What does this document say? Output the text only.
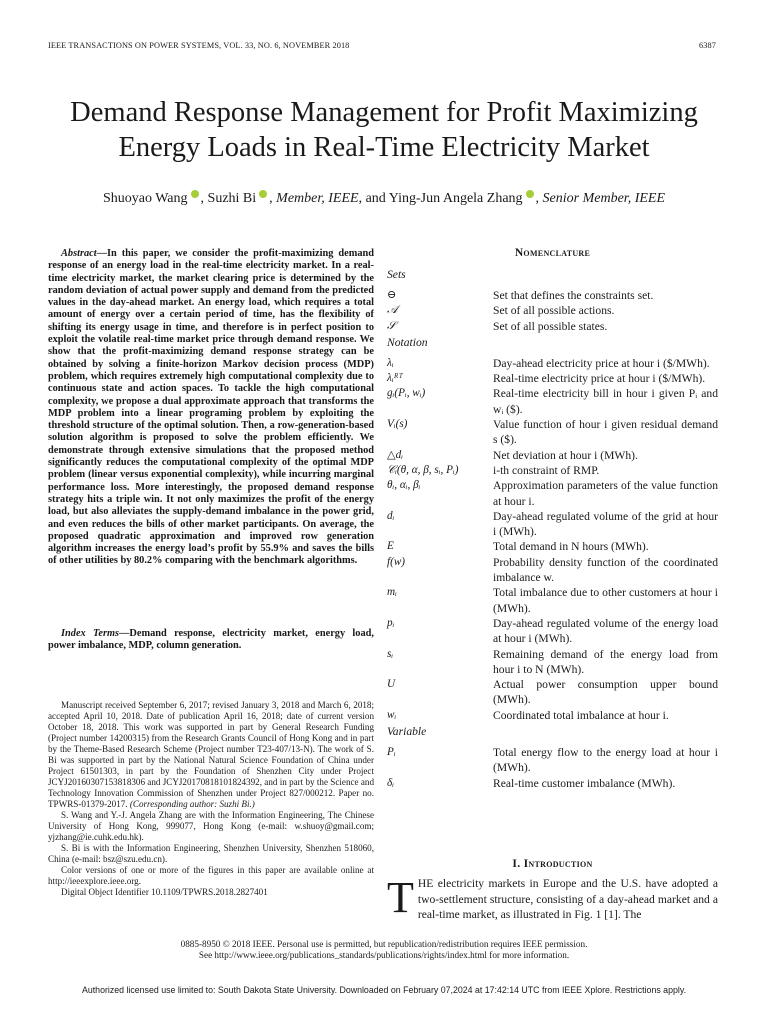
IEEE TRANSACTIONS ON POWER SYSTEMS, VOL. 33, NO. 6, NOVEMBER 2018	6387
Demand Response Management for Profit Maximizing Energy Loads in Real-Time Electricity Market
Shuoyao Wang , Suzhi Bi , Member, IEEE, and Ying-Jun Angela Zhang , Senior Member, IEEE

Abstract—In this paper, we consider the profit-maximizing demand response of an energy load in the real-time electricity market. In a real-time electricity market, the market clearing price is determined by the random deviation of actual power supply and demand from the predicted values in the day-ahead market. An energy load, which requires a total amount of energy over a certain period of time, has the flexibility of shifting its energy usage in time, and therefore is in perfect position to exploit the volatile real-time market price through demand response. We show that the profit-maximizing demand response strategy can be obtained by solving a finite-horizon Markov decision process (MDP) problem, which requires extremely high computational complexity due to continuous state and action spaces. To tackle the high computational complexity, we propose a dual approximate approach that transforms the MDP problem into a linear programing problem by exploiting the threshold structure of the optimal solution. Then, a row-generation-based solution algorithm is proposed to solve the problem efficiently. We demonstrate through extensive simulations that the proposed method significantly reduces the computational complexity of the optimal MDP problem (linear versus exponential complexity), while incurring marginal performance loss. More interestingly, the proposed demand response strategy hits a triple win. It not only maximizes the profit of the energy load, but also alleviates the supply-demand imbalance in the power grid, and even reduces the bills of other market participants. On average, the proposed quadratic approximation and improved row generation algorithm increases the energy load’s profit by 55.9% and saves the bills of other utilities by 80.2% comparing with the benchmark algorithms.

Index Terms—Demand response, electricity market, energy load, power imbalance, MDP, column generation.

Manuscript received September 6, 2017; revised January 3, 2018 and March 6, 2018; accepted April 10, 2018. Date of publication April 16, 2018; date of current version October 18, 2018. This work was supported in part by General Research Funding (Project number 14200315) from the Research Grants Council of Hong Kong and in part by the Theme-Based Research Scheme (Project number T23-407/13-N). The work of S. Bi was supported in part by the National Natural Science Foundation of China under Project 61501303, in part by the Foundation of Shenzhen City under Project JCYJ20160307153818306 and JCYJ20170818101824392, and in part by the Science and Technology Innovation Commission of Shenzhen under Project 827/000212. Paper no. TPWRS-01379-2017. (Corresponding author: Suzhi Bi.)

S. Wang and Y.-J. Angela Zhang are with the Information Engineering, The Chinese University of Hong Kong, 999077, Hong Kong (e-mail: w.shuoy@gmail.com; yjzhang@ie.cuhk.edu.hk).

S. Bi is with the Information Engineering, Shenzhen University, Shenzhen 518060, China (e-mail: bsz@szu.edu.cn).

Color versions of one or more of the figures in this paper are available online at http://ieeexplore.ieee.org.

Digital Object Identifier 10.1109/TPWRS.2018.2827401

Nomenclature

Sets

⊖	Set that defines the constraints set.
𝒜	Set of all possible actions.
𝒮	Set of all possible states.

Notation

λᵢ	Day-ahead electricity price at hour i ($/MWh).
λᵢᴿᵀ	Real-time electricity price at hour i ($/MWh).
gᵢ(Pᵢ, wᵢ)	Real-time electricity bill in hour i given Pᵢ and wᵢ ($).
Vᵢ(s)	Value function of hour i given residual demand s ($).
△dᵢ	Net deviation at hour i (MWh).
𝒞ᵢ(θ, α, β, sᵢ, Pᵢ)	i-th constraint of RMP.
θᵢ, αᵢ, βᵢ	Approximation parameters of the value function at hour i.
dᵢ	Day-ahead regulated volume of the grid at hour i (MWh).
E	Total demand in N hours (MWh).
f(w)	Probability density function of the coordinated imbalance w.
mᵢ	Total imbalance due to other customers at hour i (MWh).
pᵢ	Day-ahead regulated volume of the energy load at hour i (MWh).
sᵢ	Remaining demand of the energy load from hour i to N (MWh).
U	Actual power consumption upper bound (MWh).
wᵢ	Coordinated total imbalance at hour i.

Variable

Pᵢ	Total energy flow to the energy load at hour i (MWh).
δᵢ	Real-time customer imbalance (MWh).
I. Introduction

THE electricity markets in Europe and the U.S. have adopted a two-settlement structure, consisting of a day-ahead market and a real-time market, as illustrated in Fig. 1 [1]. The

0885-8950 © 2018 IEEE. Personal use is permitted, but republication/redistribution requires IEEE permission.
See http://www.ieee.org/publications_standards/publications/rights/index.html for more information.
Authorized licensed use limited to: South Dakota State University. Downloaded on February 07,2024 at 17:42:14 UTC from IEEE Xplore. Restrictions apply.
